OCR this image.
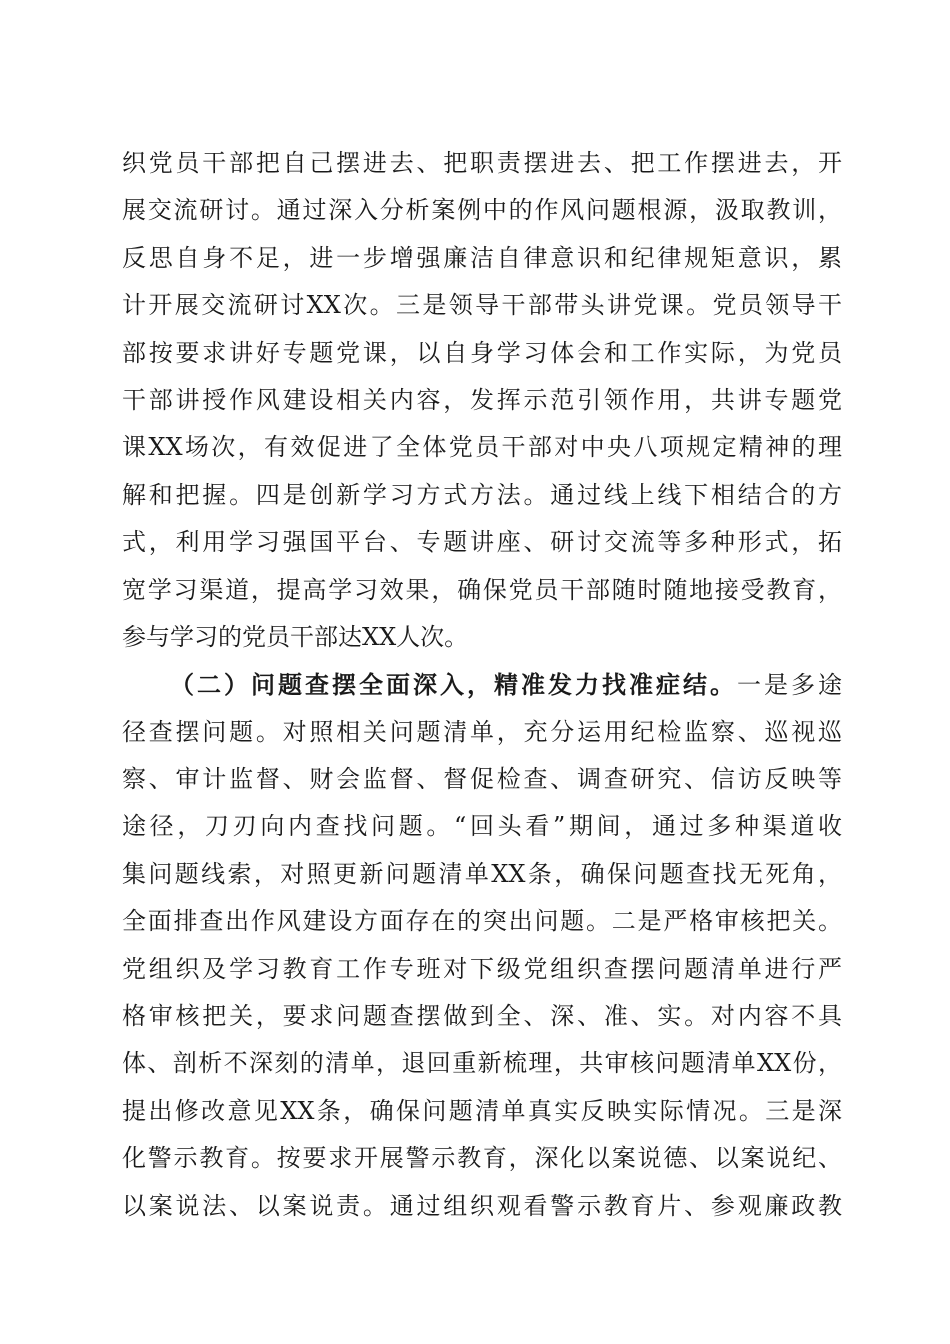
织党员干部把自己摆进去、把职责摆进去、把工作摆进去，开
展交流研讨。通过深入分析案例中的作风问题根源，汲取教训，
反思自身不足，进一步增强廉洁自律意识和纪律规矩意识，累
计开展交流研讨XX次。三是领导干部带头讲党课。党员领导干
部按要求讲好专题党课，以自身学习体会和工作实际，为党员
干部讲授作风建设相关内容，发挥示范引领作用，共讲专题党
课XX场次，有效促进了全体党员干部对中央八项规定精神的理
解和把握。四是创新学习方式方法。通过线上线下相结合的方
式，利用学习强国平台、专题讲座、研讨交流等多种形式，拓
宽学习渠道，提高学习效果，确保党员干部随时随地接受教育，
参与学习的党员干部达XX人次。
（二）问题查摆全面深入，精准发力找准症结。一是多途
径查摆问题。对照相关问题清单，充分运用纪检监察、巡视巡
察、审计监督、财会监督、督促检查、调查研究、信访反映等
途径，刀刃向内查找问题。“回头看”期间，通过多种渠道收
集问题线索，对照更新问题清单XX条，确保问题查找无死角，
全面排查出作风建设方面存在的突出问题。二是严格审核把关。
党组织及学习教育工作专班对下级党组织查摆问题清单进行严
格审核把关，要求问题查摆做到全、深、准、实。对内容不具
体、剖析不深刻的清单，退回重新梳理，共审核问题清单XX份，
提出修改意见XX条，确保问题清单真实反映实际情况。三是深
化警示教育。按要求开展警示教育，深化以案说德、以案说纪、
以案说法、以案说责。通过组织观看警示教育片、参观廉政教
